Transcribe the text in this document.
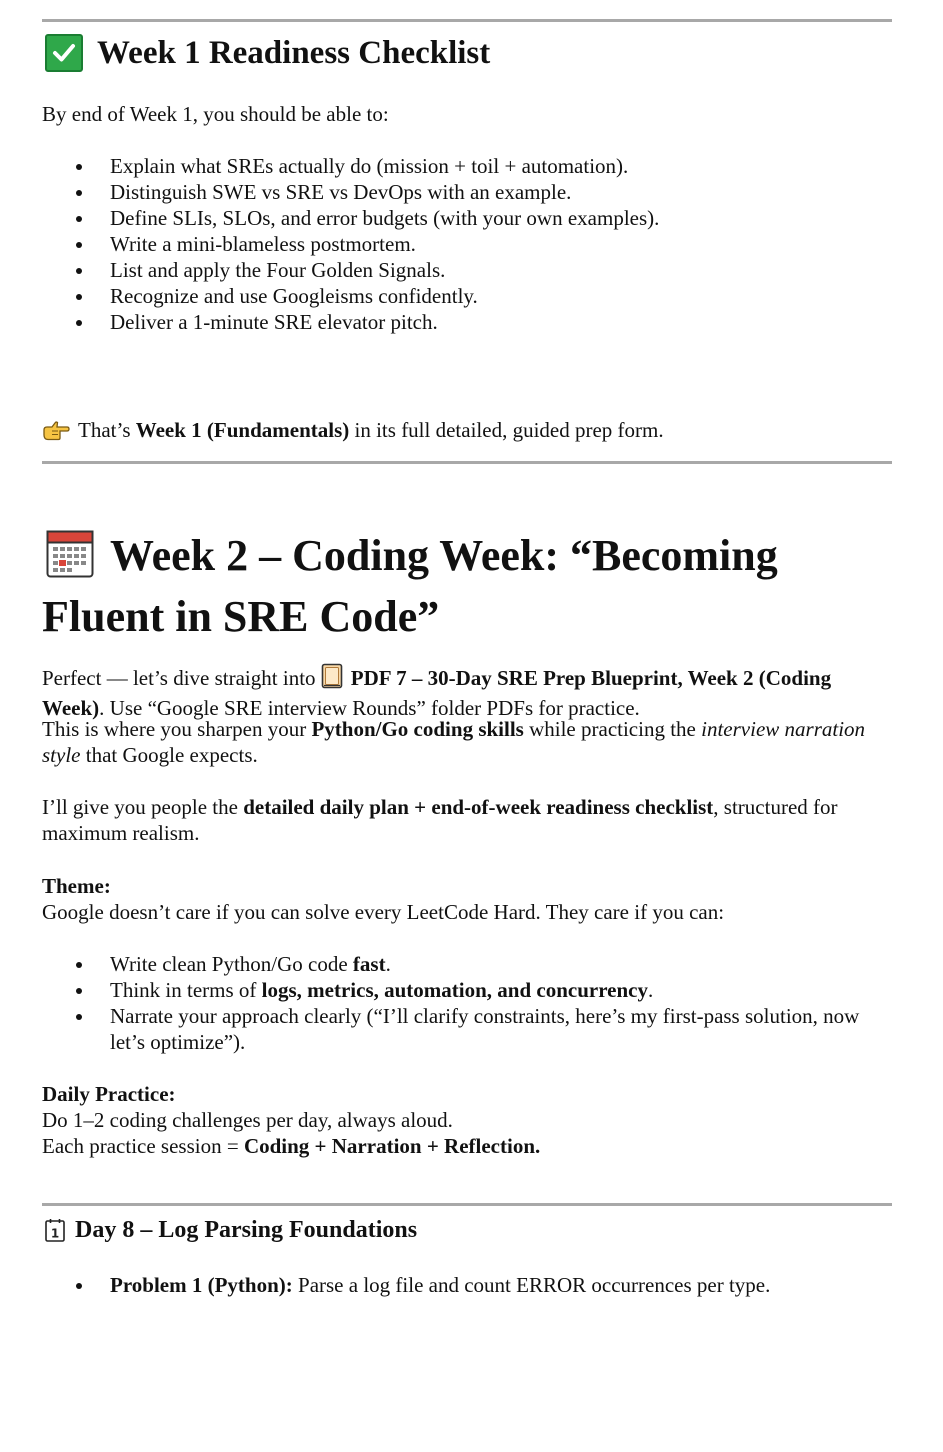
Week 1 Readiness Checklist
By end of Week 1, you should be able to:
Explain what SREs actually do (mission + toil + automation).
Distinguish SWE vs SRE vs DevOps with an example.
Define SLIs, SLOs, and error budgets (with your own examples).
Write a mini-blameless postmortem.
List and apply the Four Golden Signals.
Recognize and use Googleisms confidently.
Deliver a 1-minute SRE elevator pitch.
That’s Week 1 (Fundamentals) in its full detailed, guided prep form.
Week 2 – Coding Week: “Becoming Fluent in SRE Code”
Perfect — let’s dive straight into PDF 7 – 30-Day SRE Prep Blueprint, Week 2 (Coding Week). Use “Google SRE interview Rounds” folder PDFs for practice.
This is where you sharpen your Python/Go coding skills while practicing the interview narration style that Google expects.
I’ll give you people the detailed daily plan + end-of-week readiness checklist, structured for maximum realism.
Theme:
Google doesn’t care if you can solve every LeetCode Hard. They care if you can:
Write clean Python/Go code fast.
Think in terms of logs, metrics, automation, and concurrency.
Narrate your approach clearly (“I’ll clarify constraints, here’s my first-pass solution, now let’s optimize”).
Daily Practice:
Do 1–2 coding challenges per day, always aloud.
Each practice session = Coding + Narration + Reflection.
1 Day 8 – Log Parsing Foundations
Problem 1 (Python): Parse a log file and count ERROR occurrences per type.
